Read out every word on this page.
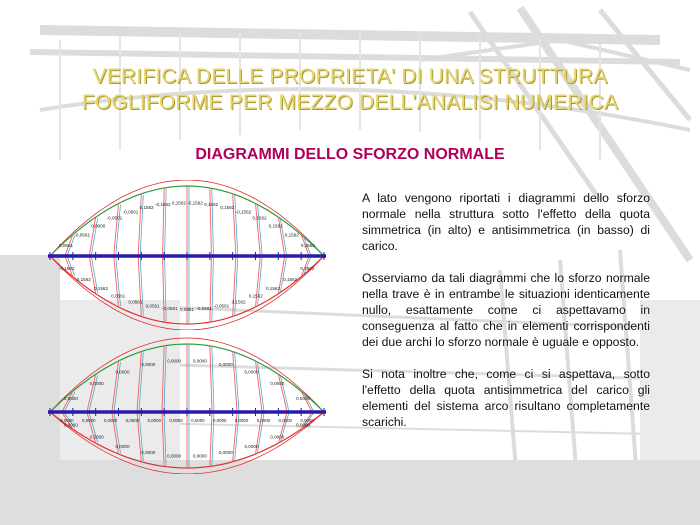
VERIFICA DELLE PROPRIETA' DI UNA STRUTTURA
FOGLIFORME PER MEZZO DELL'ANALISI NUMERICA
DIAGRAMMI DELLO SFORZO NORMALE
0,0561
-0,0561
0,0000
-0,0561
-0,0561
0,1562
-0,1562 0,1562 -0,1562 0,1562
0,1562
-0,1562
0,1562
0,1562
0,1562
0,1562
-0,1562
0,1562
0,1562
0,0561
0,0561
0,0561
-0,0561 0,0561 -0,0561
-0,0561
0,1562
0,1562
0,1562
0,1562
0,1562
0,0000
0,0000
0,0000
0,0000
0,0000	0,0000
0,0000
0,0000
0,0000
0,0000
0,0000
0,0000
0,0000
0,0000
0,0000	0,0000
0,0000
0,0000
0,0000
0,0000
0,0000 0,0000 0,0000 0,0000 0,0000 0,0000 0,0000 0,0000 0,0000 0,0000 0,0000 0,0000

A lato vengono riportati i diagrammi dello sforzo normale nella struttura sotto l'effetto della quota simmetrica (in alto) e antisimmetrica (in basso) di carico.

Osserviamo da tali diagrammi che lo sforzo normale nella trave è in entrambe le situazioni identicamente nullo, esattamente come ci aspettavamo in conseguenza al fatto che in elementi corrispondenti dei due archi lo sforzo normale è uguale e opposto.

Si nota inoltre che, come ci si aspettava, sotto l'effetto della quota antisimmetrica del carico gli elementi del sistema arco risultano completamente scarichi.
